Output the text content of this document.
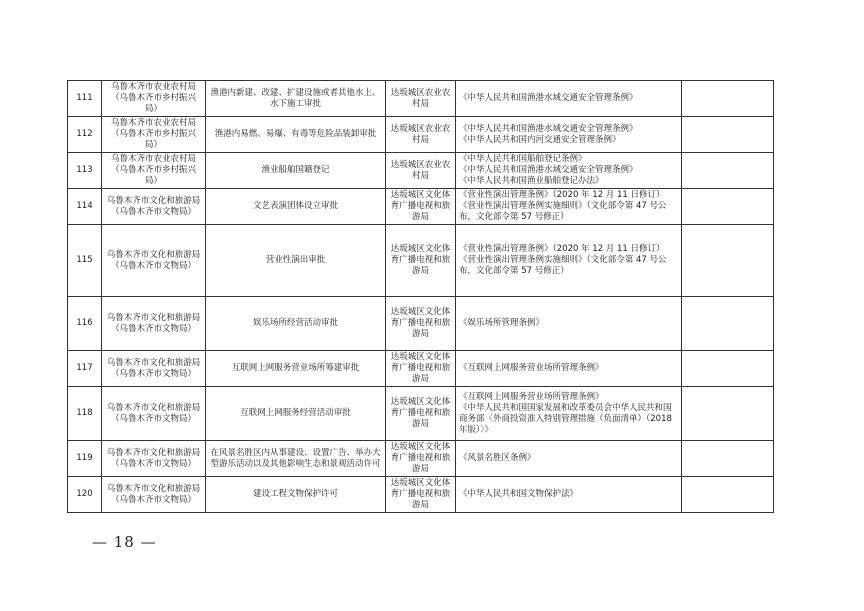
111	乌鲁木齐市农业农村局（乌鲁木齐市乡村振兴局）	渔港内新建、改建、扩建设施或者其他水上、水下施工审批	达坂城区农业农村局	《中华人民共和国渔港水域交通安全管理条例》	

112	乌鲁木齐市农业农村局（乌鲁木齐市乡村振兴局）	渔港内易燃、易爆、有毒等危险品装卸审批	达坂城区农业农村局	《中华人民共和国渔港水域交通安全管理条例》
《中华人民共和国内河交通安全管理条例》	

113	乌鲁木齐市农业农村局（乌鲁木齐市乡村振兴局）	渔业船舶国籍登记	达坂城区农业农村局	《中华人民共和国船舶登记条例》
《中华人民共和国渔港水域交通安全管理条例》
《中华人民共和国渔业船舶登记办法》	

114	乌鲁木齐市文化和旅游局（乌鲁木齐市文物局）	文艺表演团体设立审批	达坂城区文化体育广播电视和旅游局	《营业性演出管理条例》（2020 年 12 月 11 日修订）
《营业性演出管理条例实施细则》（文化部令第 47 号公布，文化部令第 57 号修正）	

115	乌鲁木齐市文化和旅游局（乌鲁木齐市文物局）	营业性演出审批	达坂城区文化体育广播电视和旅游局	《营业性演出管理条例》（2020 年 12 月 11 日修订）
《营业性演出管理条例实施细则》（文化部令第 47 号公布，文化部令第 57 号修正）	

116	乌鲁木齐市文化和旅游局（乌鲁木齐市文物局）	娱乐场所经营活动审批	达坂城区文化体育广播电视和旅游局	《娱乐场所管理条例》	

117	乌鲁木齐市文化和旅游局（乌鲁木齐市文物局）	互联网上网服务营业场所筹建审批	达坂城区文化体育广播电视和旅游局	《互联网上网服务营业场所管理条例》	

118	乌鲁木齐市文化和旅游局（乌鲁木齐市文物局）	互联网上网服务经营活动审批	达坂城区文化体育广播电视和旅游局	《互联网上网服务营业场所管理条例》
《中华人民共和国国家发展和改革委员会中华人民共和国商务部〈外商投资准入特别管理措施（负面清单）（2018 年版）〉》	

119	乌鲁木齐市文化和旅游局（乌鲁木齐市文物局）	在风景名胜区内从事建设、设置广告、举办大型游乐活动以及其他影响生态和景观活动许可	达坂城区文化体育广播电视和旅游局	《风景名胜区条例》	

120	乌鲁木齐市文化和旅游局（乌鲁木齐市文物局）	建设工程文物保护许可	达坂城区文化体育广播电视和旅游局	《中华人民共和国文物保护法》	

— 18 —
